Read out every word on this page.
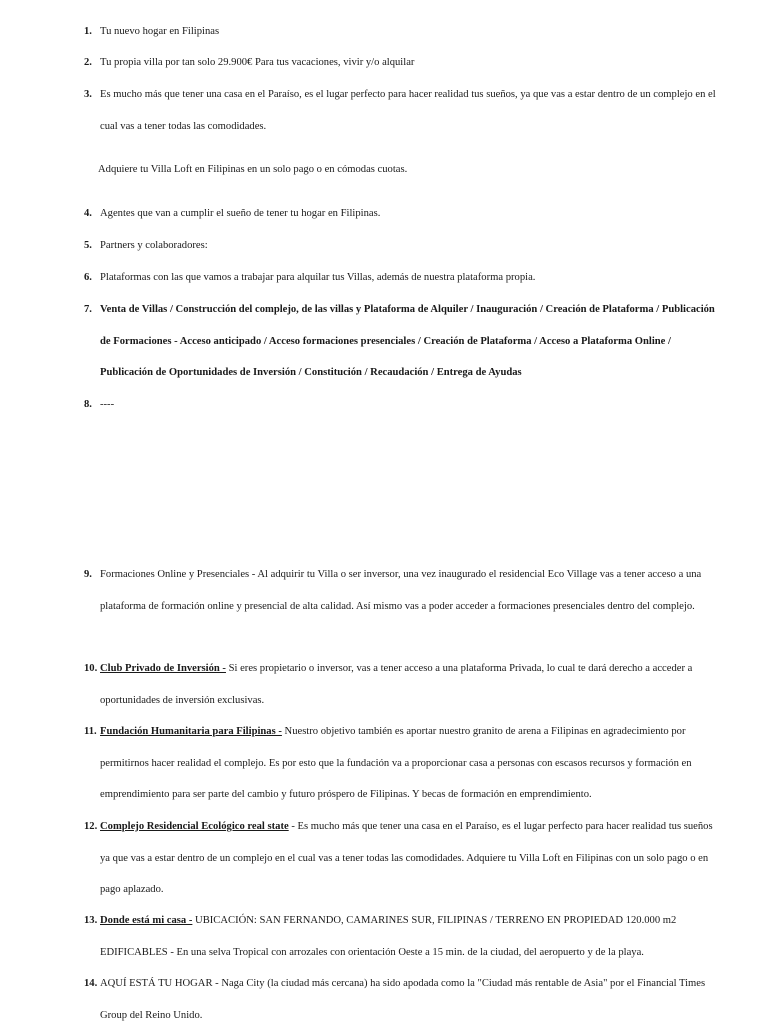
1. Tu nuevo hogar en Filipinas
2. Tu propia villa por tan solo 29.900€ Para tus vacaciones, vivir y/o alquilar
3. Es mucho más que tener una casa en el Paraíso, es el lugar perfecto para hacer realidad tus sueños, ya que vas a estar dentro de un complejo en el cual vas a tener todas las comodidades.
Adquiere tu Villa Loft en Filipinas en un solo pago o en cómodas cuotas.
4. Agentes que van a cumplir el sueño de tener tu hogar en Filipinas.
5. Partners y colaboradores:
6. Plataformas con las que vamos a trabajar para alquilar tus Villas, además de nuestra plataforma propia.
7. Venta de Villas / Construcción del complejo, de las villas y Plataforma de Alquiler / Inauguración / Creación de Plataforma / Publicación de Formaciones - Acceso anticipado / Acceso formaciones presenciales / Creación de Plataforma / Acceso a Plataforma Online / Publicación de Oportunidades de Inversión / Constitución / Recaudación / Entrega de Ayudas
8. ----
9. Formaciones Online y Presenciales - Al adquirir tu Villa o ser inversor, una vez inaugurado el residencial Eco Village vas a tener acceso a una plataforma de formación online y presencial de alta calidad. Así mismo vas a poder acceder a formaciones presenciales dentro del complejo.
10. Club Privado de Inversión - Si eres propietario o inversor, vas a tener acceso a una plataforma Privada, lo cual te dará derecho a acceder a oportunidades de inversión exclusivas.
11. Fundación Humanitaria para Filipinas - Nuestro objetivo también es aportar nuestro granito de arena a Filipinas en agradecimiento por permitirnos hacer realidad el complejo. Es por esto que la fundación va a proporcionar casa a personas con escasos recursos y formación en emprendimiento para ser parte del cambio y futuro próspero de Filipinas. Y becas de formación en emprendimiento.
12. Complejo Residencial Ecológico real state - Es mucho más que tener una casa en el Paraíso, es el lugar perfecto para hacer realidad tus sueños ya que vas a estar dentro de un complejo en el cual vas a tener todas las comodidades. Adquiere tu Villa Loft en Filipinas con un solo pago o en pago aplazado.
13. Donde está mi casa - UBICACIÓN: SAN FERNANDO, CAMARINES SUR, FILIPINAS / TERRENO EN PROPIEDAD 120.000 m2 EDIFICABLES - En una selva Tropical con arrozales con orientación Oeste a 15 min. de la ciudad, del aeropuerto y de la playa.
14. AQUÍ ESTÁ TU HOGAR - Naga City (la ciudad más cercana) ha sido apodada como la "Ciudad más rentable de Asia" por el Financial Times Group del Reino Unido.
